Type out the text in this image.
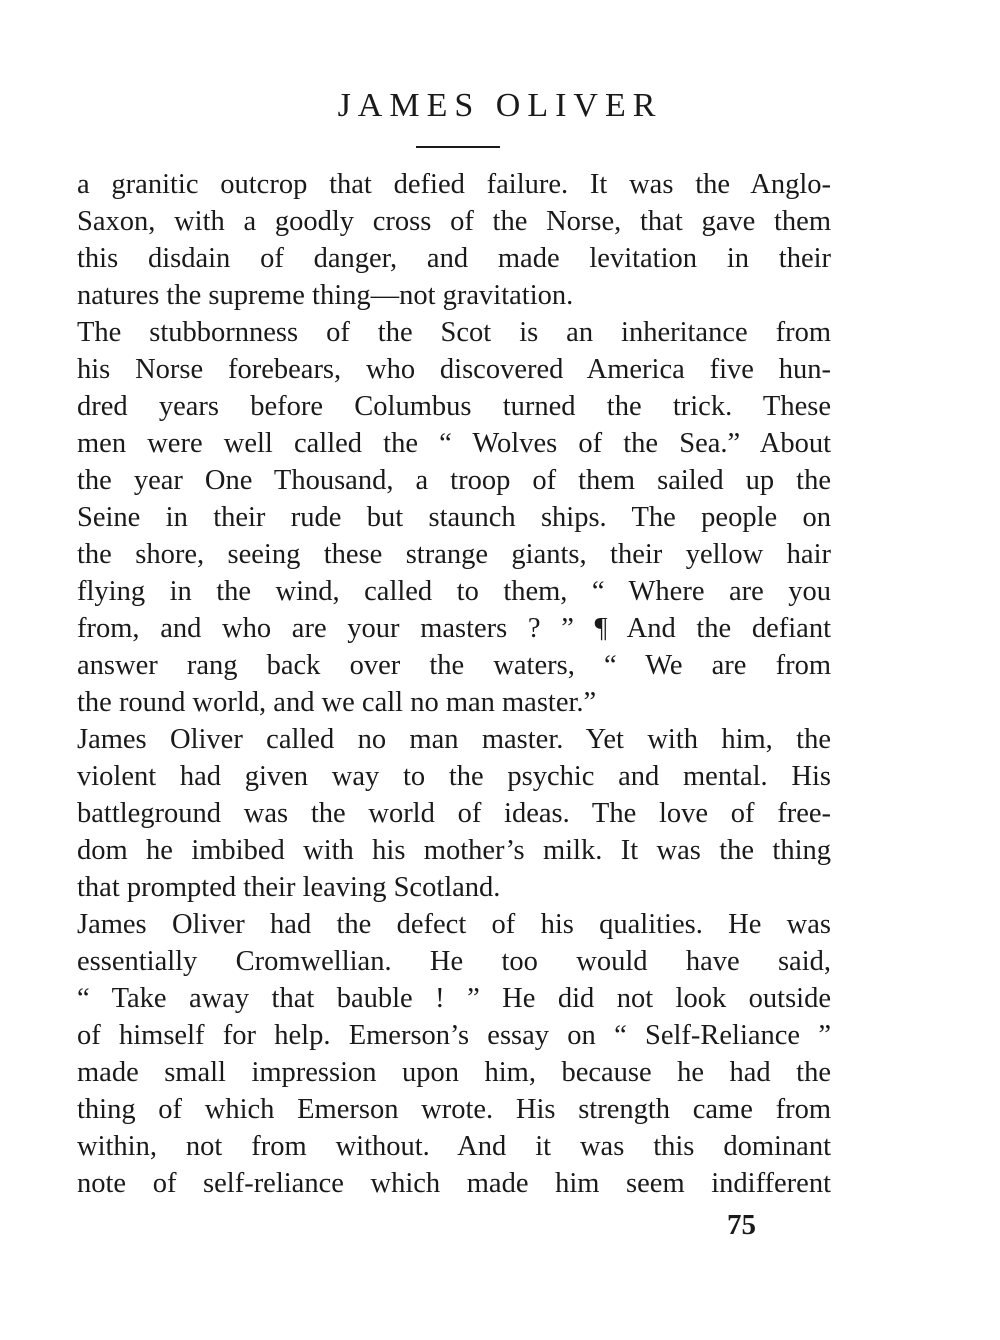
JAMES OLIVER
a granitic outcrop that defied failure. It was the Anglo-
Saxon, with a goodly cross of the Norse, that gave them
this disdain of danger, and made levitation in their
natures the supreme thing—not gravitation.
The stubbornness of the Scot is an inheritance from
his Norse forebears, who discovered America five hun-
dred years before Columbus turned the trick. These
men were well called the “ Wolves of the Sea.” About
the year One Thousand, a troop of them sailed up the
Seine in their rude but staunch ships. The people on
the shore, seeing these strange giants, their yellow hair
flying in the wind, called to them, “ Where are you
from, and who are your masters ? ” ¶ And the defiant
answer rang back over the waters, “ We are from
the round world, and we call no man master.”
James Oliver called no man master. Yet with him, the
violent had given way to the psychic and mental. His
battleground was the world of ideas. The love of free-
dom he imbibed with his mother’s milk. It was the thing
that prompted their leaving Scotland.
James Oliver had the defect of his qualities. He was
essentially Cromwellian. He too would have said,
“ Take away that bauble ! ” He did not look outside
of himself for help. Emerson’s essay on “ Self-Reliance ”
made small impression upon him, because he had the
thing of which Emerson wrote. His strength came from
within, not from without. And it was this dominant
note of self-reliance which made him seem indifferent
75
